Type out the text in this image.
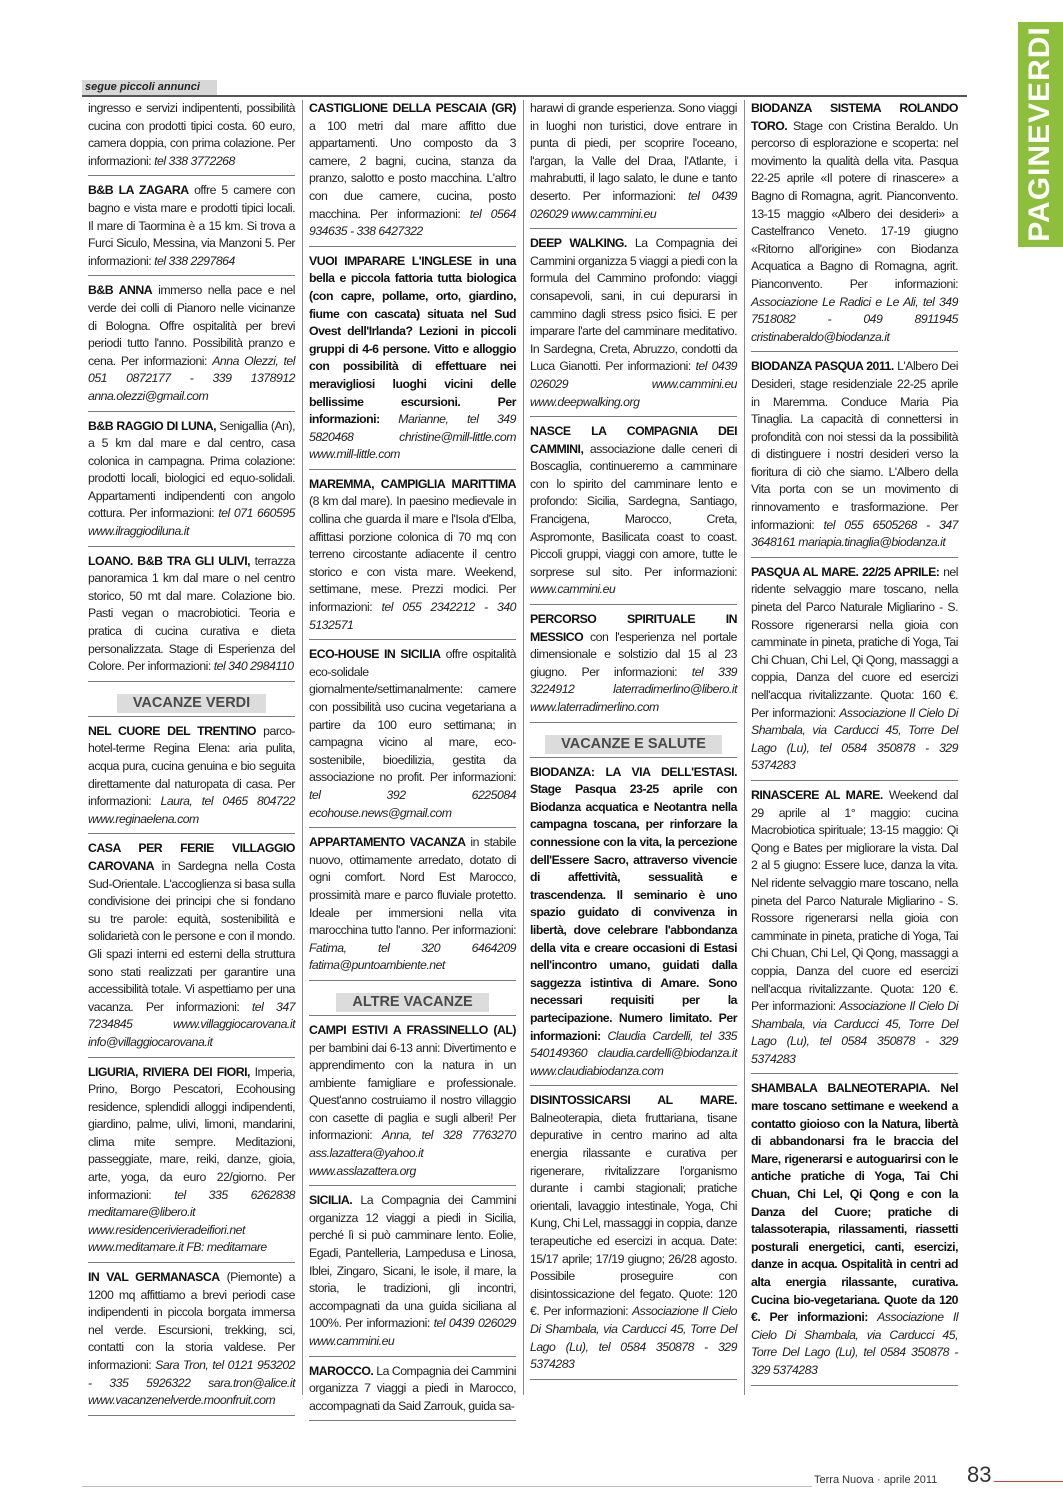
PAGINEVERDI
segue piccoli annunci

ingresso e servizi indipententi, possibilità cucina con prodotti tipici costa. 60 euro, camera doppia, con prima colazione. Per informazioni: tel 338 3772268

B&B LA ZAGARA offre 5 camere con bagno e vista mare e prodotti tipici locali. Il mare di Taormina è a 15 km. Si trova a Furci Siculo, Messina, via Manzoni 5. Per informazioni: tel 338 2297864

B&B ANNA immerso nella pace e nel verde dei colli di Pianoro nelle vicinanze di Bologna. Offre ospitalità per brevi periodi tutto l'anno. Possibilità pranzo e cena. Per informazioni: Anna Olezzi, tel 051 0872177 - 339 1378912 anna.olezzi@gmail.com

B&B RAGGIO DI LUNA, Senigallia (An), a 5 km dal mare e dal centro, casa colonica in campagna. Prima colazione: prodotti locali, biologici ed equo-solidali. Appartamenti indipendenti con angolo cottura. Per informazioni: tel 071 660595 www.ilraggiodiluna.it

LOANO. B&B TRA GLI ULIVI, terrazza panoramica 1 km dal mare o nel centro storico, 50 mt dal mare. Colazione bio. Pasti vegan o macrobiotici. Teoria e pratica di cucina curativa e dieta personalizzata. Stage di Esperienza del Colore. Per informazioni: tel 340 2984110

VACANZE VERDI

NEL CUORE DEL TRENTINO parco-hotel-terme Regina Elena: aria pulita, acqua pura, cucina genuina e bio seguita direttamente dal naturopata di casa. Per informazioni: Laura, tel 0465 804722 www.reginaelena.com

CASA PER FERIE VILLAGGIO CAROVANA in Sardegna nella Costa Sud-Orientale. L'accoglienza si basa sulla condivisione dei principi che si fondano su tre parole: equità, sostenibilità e solidarietà con le persone e con il mondo. Gli spazi interni ed esterni della struttura sono stati realizzati per garantire una accessibilità totale. Vi aspettiamo per una vacanza. Per informazioni: tel 347 7234845 www.villaggiocarovana.it info@villaggiocarovana.it

LIGURIA, RIVIERA DEI FIORI, Imperia, Prino, Borgo Pescatori, Ecohousing residence, splendidi alloggi indipendenti, giardino, palme, ulivi, limoni, mandarini, clima mite sempre. Meditazioni, passeggiate, mare, reiki, danze, gioia, arte, yoga, da euro 22/giorno. Per informazioni: tel 335 6262838 meditamare@libero.it www.residencerivieradeifiori.net www.meditamare.it FB: meditamare

IN VAL GERMANASCA (Piemonte) a 1200 mq affittiamo a brevi periodi case indipendenti in piccola borgata immersa nel verde. Escursioni, trekking, sci, contatti con la storia valdese. Per informazioni: Sara Tron, tel 0121 953202 - 335 5926322 sara.tron@alice.it www.vacanzenelverde.moonfruit.com

CASTIGLIONE DELLA PESCAIA (GR) a 100 metri dal mare affitto due appartamenti. Uno composto da 3 camere, 2 bagni, cucina, stanza da pranzo, salotto e posto macchina. L'altro con due camere, cucina, posto macchina. Per informazioni: tel 0564 934635 - 338 6427322

VUOI IMPARARE L'INGLESE in una bella e piccola fattoria tutta biologica (con capre, pollame, orto, giardino, fiume con cascata) situata nel Sud Ovest dell'Irlanda? Lezioni in piccoli gruppi di 4-6 persone. Vitto e alloggio con possibilità di effettuare nei meravigliosi luoghi vicini delle bellissime escursioni. Per informazioni: Marianne, tel 349 5820468 christine@mill-little.com www.mill-little.com

MAREMMA, CAMPIGLIA MARITTIMA (8 km dal mare). In paesino medievale in collina che guarda il mare e l'Isola d'Elba, affittasi porzione colonica di 70 mq con terreno circostante adiacente il centro storico e con vista mare. Weekend, settimane, mese. Prezzi modici. Per informazioni: tel 055 2342212 - 340 5132571

ECO-HOUSE IN SICILIA offre ospitalità eco-solidale giornalmente/settimanalmente: camere con possibilità uso cucina vegetariana a partire da 100 euro settimana; in campagna vicino al mare, eco-sostenibile, bioedilizia, gestita da associazione no profit. Per informazioni: tel 392 6225084 ecohouse.news@gmail.com

APPARTAMENTO VACANZA in stabile nuovo, ottimamente arredato, dotato di ogni comfort. Nord Est Marocco, prossimità mare e parco fluviale protetto. Ideale per immersioni nella vita marocchina tutto l'anno. Per informazioni: Fatima, tel 320 6464209 fatima@puntoambiente.net

ALTRE VACANZE

CAMPI ESTIVI A FRASSINELLO (AL) per bambini dai 6-13 anni: Divertimento e apprendimento con la natura in un ambiente famigliare e professionale. Quest'anno costruiamo il nostro villaggio con casette di paglia e sugli alberi! Per informazioni: Anna, tel 328 7763270 ass.lazattera@yahoo.it www.asslazattera.org

SICILIA. La Compagnia dei Cammini organizza 12 viaggi a piedi in Sicilia, perché lì si può camminare lento. Eolie, Egadi, Pantelleria, Lampedusa e Linosa, Iblei, Zingaro, Sicani, le isole, il mare, la storia, le tradizioni, gli incontri, accompagnati da una guida siciliana al 100%. Per informazioni: tel 0439 026029 www.cammini.eu

MAROCCO. La Compagnia dei Cammini organizza 7 viaggi a piedi in Marocco, accompagnati da Said Zarrouk, guida sa-

harawi di grande esperienza. Sono viaggi in luoghi non turistici, dove entrare in punta di piedi, per scoprire l'oceano, l'argan, la Valle del Draa, l'Atlante, i mahrabutti, il lago salato, le dune e tanto deserto. Per informazioni: tel 0439 026029 www.cammini.eu

DEEP WALKING. La Compagnia dei Cammini organizza 5 viaggi a piedi con la formula del Cammino profondo: viaggi consapevoli, sani, in cui depurarsi in cammino dagli stress psico fisici. E per imparare l'arte del camminare meditativo. In Sardegna, Creta, Abruzzo, condotti da Luca Gianotti. Per informazioni: tel 0439 026029 www.cammini.eu www.deepwalking.org

NASCE LA COMPAGNIA DEI CAMMINI, associazione dalle ceneri di Boscaglia, continueremo a camminare con lo spirito del camminare lento e profondo: Sicilia, Sardegna, Santiago, Francigena, Marocco, Creta, Aspromonte, Basilicata coast to coast. Piccoli gruppi, viaggi con amore, tutte le sorprese sul sito. Per informazioni: www.cammini.eu

PERCORSO SPIRITUALE IN MESSICO con l'esperienza nel portale dimensionale e solstizio dal 15 al 23 giugno. Per informazioni: tel 339 3224912 laterradimerlino@libero.it www.laterradimerlino.com

VACANZE E SALUTE

BIODANZA: LA VIA DELL'ESTASI. Stage Pasqua 23-25 aprile con Biodanza acquatica e Neotantra nella campagna toscana, per rinforzare la connessione con la vita, la percezione dell'Essere Sacro, attraverso vivencie di affettività, sessualità e trascendenza. Il seminario è uno spazio guidato di convivenza in libertà, dove celebrare l'abbondanza della vita e creare occasioni di Estasi nell'incontro umano, guidati dalla saggezza istintiva di Amare. Sono necessari requisiti per la partecipazione. Numero limitato. Per informazioni: Claudia Cardelli, tel 335 540149360 claudia.cardelli@biodanza.it www.claudiabiodanza.com

DISINTOSSICARSI AL MARE. Balneoterapia, dieta fruttariana, tisane depurative in centro marino ad alta energia rilassante e curativa per rigenerare, rivitalizzare l'organismo durante i cambi stagionali; pratiche orientali, lavaggio intestinale, Yoga, Chi Kung, Chi Lel, massaggi in coppia, danze terapeutiche ed esercizi in acqua. Date: 15/17 aprile; 17/19 giugno; 26/28 agosto. Possibile proseguire con disintossicazione del fegato. Quote: 120 €. Per informazioni: Associazione Il Cielo Di Shambala, via Carducci 45, Torre Del Lago (Lu), tel 0584 350878 - 329 5374283

BIODANZA SISTEMA ROLANDO TORO. Stage con Cristina Beraldo. Un percorso di esplorazione e scoperta: nel movimento la qualità della vita. Pasqua 22-25 aprile «Il potere di rinascere» a Bagno di Romagna, agrit. Pianconvento. 13-15 maggio «Albero dei desideri» a Castelfranco Veneto. 17-19 giugno «Ritorno all'origine» con Biodanza Acquatica a Bagno di Romagna, agrit. Pianconvento. Per informazioni: Associazione Le Radici e Le Ali, tel 349 7518082 - 049 8911945 cristinaberaldo@biodanza.it

BIODANZA PASQUA 2011. L'Albero Dei Desideri, stage residenziale 22-25 aprile in Maremma. Conduce Maria Pia Tinaglia. La capacità di connettersi in profondità con noi stessi da la possibilità di distinguere i nostri desideri verso la fioritura di ciò che siamo. L'Albero della Vita porta con se un movimento di rinnovamento e trasformazione. Per informazioni: tel 055 6505268 - 347 3648161 mariapia.tinaglia@biodanza.it

PASQUA AL MARE. 22/25 APRILE: nel ridente selvaggio mare toscano, nella pineta del Parco Naturale Migliarino - S. Rossore rigenerarsi nella gioia con camminate in pineta, pratiche di Yoga, Tai Chi Chuan, Chi Lel, Qi Qong, massaggi a coppia, Danza del cuore ed esercizi nell'acqua rivitalizzante. Quota: 160 €. Per informazioni: Associazione Il Cielo Di Shambala, via Carducci 45, Torre Del Lago (Lu), tel 0584 350878 - 329 5374283

RINASCERE AL MARE. Weekend dal 29 aprile al 1° maggio: cucina Macrobiotica spirituale; 13-15 maggio: Qi Qong e Bates per migliorare la vista. Dal 2 al 5 giugno: Essere luce, danza la vita. Nel ridente selvaggio mare toscano, nella pineta del Parco Naturale Migliarino - S. Rossore rigenerarsi nella gioia con camminate in pineta, pratiche di Yoga, Tai Chi Chuan, Chi Lel, Qi Qong, massaggi a coppia, Danza del cuore ed esercizi nell'acqua rivitalizzante. Quota: 120 €. Per informazioni: Associazione Il Cielo Di Shambala, via Carducci 45, Torre Del Lago (Lu), tel 0584 350878 - 329 5374283

SHAMBALA BALNEOTERAPIA. Nel mare toscano settimane e weekend a contatto gioioso con la Natura, libertà di abbandonarsi fra le braccia del Mare, rigenerarsi e autoguarirsi con le antiche pratiche di Yoga, Tai Chi Chuan, Chi Lel, Qi Qong e con la Danza del Cuore; pratiche di talassoterapia, rilassamenti, riassetti posturali energetici, canti, esercizi, danze in acqua. Ospitalità in centri ad alta energia rilassante, curativa. Cucina bio-vegetariana. Quote da 120 €. Per informazioni: Associazione Il Cielo Di Shambala, via Carducci 45, Torre Del Lago (Lu), tel 0584 350878 - 329 5374283

Terra Nuova · aprile 2011 83
